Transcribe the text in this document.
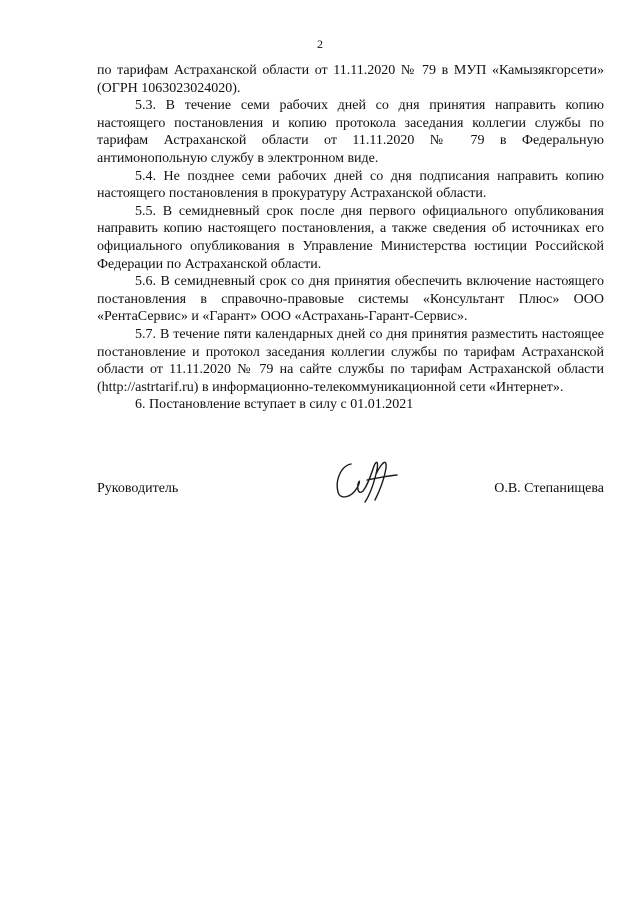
2

по тарифам Астраханской области от 11.11.2020 № 79 в МУП «Камызякгорсети» (ОГРН 1063023024020).

5.3. В течение семи рабочих дней со дня принятия направить копию настоящего постановления и копию протокола заседания коллегии службы по тарифам Астраханской области от 11.11.2020 № 79 в Федеральную антимонопольную службу в электронном виде.

5.4. Не позднее семи рабочих дней со дня подписания направить копию настоящего постановления в прокуратуру Астраханской области.

5.5. В семидневный срок после дня первого официального опубликования направить копию настоящего постановления, а также сведения об источниках его официального опубликования в Управление Министерства юстиции Российской Федерации по Астраханской области.

5.6. В семидневный срок со дня принятия обеспечить включение настоящего постановления в справочно-правовые системы «Консультант Плюс» ООО «РентаСервис» и «Гарант» ООО «Астрахань-Гарант-Сервис».

5.7. В течение пяти календарных дней со дня принятия разместить настоящее постановление и протокол заседания коллегии службы по тарифам Астраханской области от 11.11.2020 № 79 на сайте службы по тарифам Астраханской области (http://astrtarif.ru) в информационно-телекоммуникационной сети «Интернет».

6. Постановление вступает в силу с 01.01.2021

Руководитель	О.В. Степанищева
